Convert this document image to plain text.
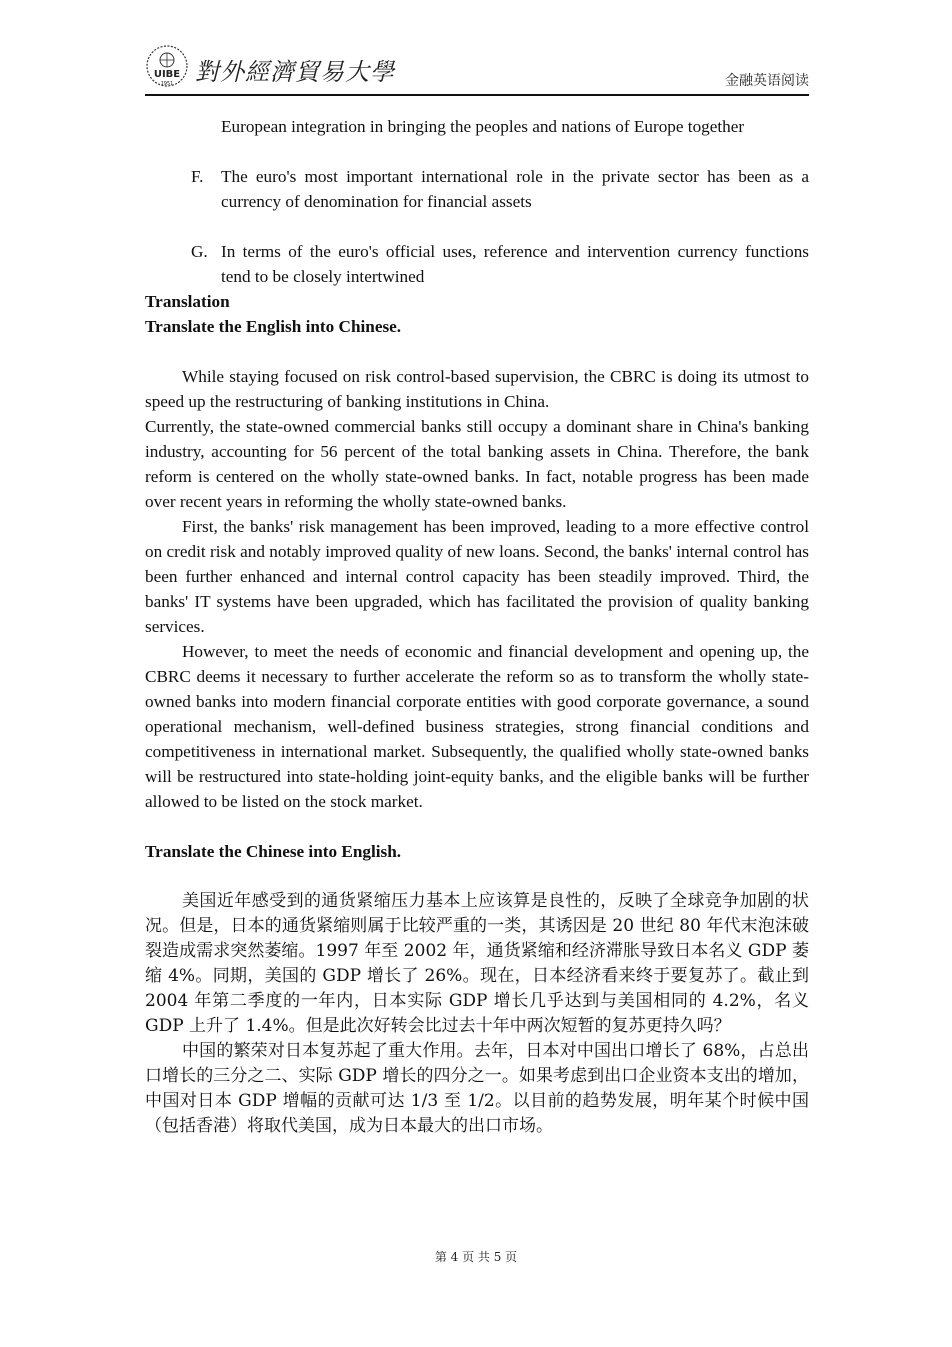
UIBE
1951 對外經濟貿易大學	金融英语阅读

European integration in bringing the peoples and nations of Europe together

F. The euro's most important international role in the private sector has been as a currency of denomination for financial assets

G. In terms of the euro's official uses, reference and intervention currency functions tend to be closely intertwined

Translation

Translate the English into Chinese.

While staying focused on risk control-based supervision, the CBRC is doing its utmost to speed up the restructuring of banking institutions in China.

Currently, the state-owned commercial banks still occupy a dominant share in China's banking industry, accounting for 56 percent of the total banking assets in China. Therefore, the bank reform is centered on the wholly state-owned banks. In fact, notable progress has been made over recent years in reforming the wholly state-owned banks.

First, the banks' risk management has been improved, leading to a more effective control on credit risk and notably improved quality of new loans. Second, the banks' internal control has been further enhanced and internal control capacity has been steadily improved. Third, the banks' IT systems have been upgraded, which has facilitated the provision of quality banking services.

However, to meet the needs of economic and financial development and opening up, the CBRC deems it necessary to further accelerate the reform so as to transform the wholly state-owned banks into modern financial corporate entities with good corporate governance, a sound operational mechanism, well-defined business strategies, strong financial conditions and competitiveness in international market. Subsequently, the qualified wholly state-owned banks will be restructured into state-holding joint-equity banks, and the eligible banks will be further allowed to be listed on the stock market.

Translate the Chinese into English.

美国近年感受到的通货紧缩压力基本上应该算是良性的，反映了全球竞争加剧的状况。但是，日本的通货紧缩则属于比较严重的一类，其诱因是 20 世纪 80 年代末泡沫破裂造成需求突然萎缩。1997 年至 2002 年，通货紧缩和经济滞胀导致日本名义 GDP 萎缩 4%。同期，美国的 GDP 增长了 26%。现在，日本经济看来终于要复苏了。截止到 2004 年第二季度的一年内，日本实际 GDP 增长几乎达到与美国相同的 4.2%，名义 GDP 上升了 1.4%。但是此次好转会比过去十年中两次短暂的复苏更持久吗？

中国的繁荣对日本复苏起了重大作用。去年，日本对中国出口增长了 68%，占总出口增长的三分之二、实际 GDP 增长的四分之一。如果考虑到出口企业资本支出的增加，中国对日本 GDP 增幅的贡献可达 1/3 至 1/2。以目前的趋势发展，明年某个时候中国（包括香港）将取代美国，成为日本最大的出口市场。

第 4 页 共 5 页
